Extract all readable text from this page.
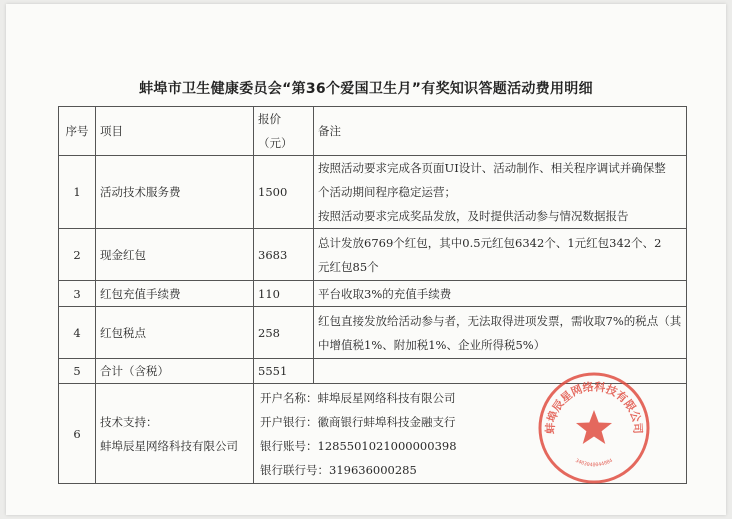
蚌埠市卫生健康委员会“第36个爱国卫生月”有奖知识答题活动费用明细
序号	项目	报价（元）	备注
1	活动技术服务费	1500	按照活动要求完成各页面UI设计、活动制作、相关程序调试并确保整
个活动期间程序稳定运营；
按照活动要求完成奖品发放，及时提供活动参与情况数据报告

2	现金红包	3683	总计发放6769个红包，其中0.5元红包6342个、1元红包342个、2
元红包85个

3	红包充值手续费	110	平台收取3%的充值手续费

4	红包税点	258	红包直接发放给活动参与者，无法取得进项发票，需收取7%的税点（其
中增值税1%、附加税1%、企业所得税5%）

5	合计（含税）	5551	
6	技术支持：
蚌埠辰星网络科技有限公司	开户名称：蚌埠辰星网络科技有限公司
开户银行：徽商银行蚌埠科技金融支行
银行账号：1285501021000000398
银行联行号：319636000285	
蚌埠辰星网络科技有限公司
3403040044084
